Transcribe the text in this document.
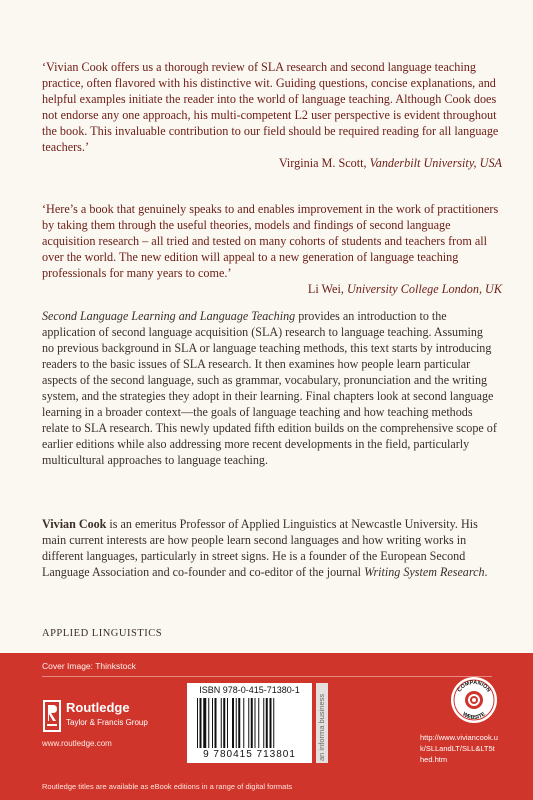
‘Vivian Cook offers us a thorough review of SLA research and second language teaching practice, often flavored with his distinctive wit. Guiding questions, concise explanations, and helpful examples initiate the reader into the world of language teaching. Although Cook does not endorse any one approach, his multi-competent L2 user perspective is evident throughout the book. This invaluable contribution to our field should be required reading for all language teachers.’

Virginia M. Scott, Vanderbilt University, USA

‘Here’s a book that genuinely speaks to and enables improvement in the work of practitioners by taking them through the useful theories, models and findings of second language acquisition research – all tried and tested on many cohorts of students and teachers from all over the world. The new edition will appeal to a new generation of language teaching professionals for many years to come.’

Li Wei, University College London, UK

Second Language Learning and Language Teaching provides an introduction to the application of second language acquisition (SLA) research to language teaching. Assuming no previous background in SLA or language teaching methods, this text starts by introducing readers to the basic issues of SLA research. It then examines how people learn particular aspects of the second language, such as grammar, vocabulary, pronunciation and the writing system, and the strategies they adopt in their learning. Final chapters look at second language learning in a broader context—the goals of language teaching and how teaching methods relate to SLA research. This newly updated fifth edition builds on the comprehensive scope of earlier editions while also addressing more recent developments in the field, particularly multicultural approaches to language teaching.

Vivian Cook is an emeritus Professor of Applied Linguistics at Newcastle University. His main current interests are how people learn second languages and how writing works in different languages, particularly in street signs. He is a founder of the European Second Language Association and co-founder and co-editor of the journal Writing System Research.

APPLIED LINGUISTICS
Cover Image: Thinkstock
Routledge
Taylor & Francis Group
www.routledge.com
ISBN 978-0-415-71380-1
9 780415 713801	an informa business
COMPANION
WEBSITE
http://www.viviancook.uk/SLLandLT/SLL&LT5thed.htm
Routledge titles are available as eBook editions in a range of digital formats
